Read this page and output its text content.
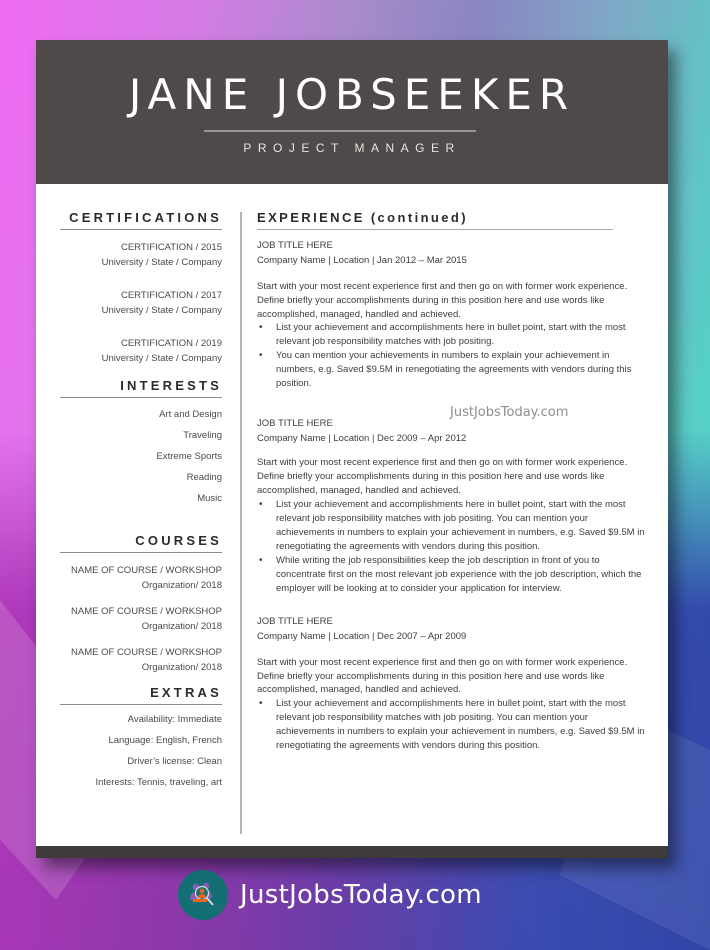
JANE JOBSEEKER
PROJECT MANAGER
CERTIFICATIONS
CERTIFICATION / 2015
University / State / Company
CERTIFICATION / 2017
University / State / Company
CERTIFICATION / 2019
University / State / Company
INTERESTS
Art and Design
Traveling
Extreme Sports
Reading
Music
COURSES
NAME OF COURSE / WORKSHOP
Organization/ 2018
NAME OF COURSE / WORKSHOP
Organization/ 2018
NAME OF COURSE / WORKSHOP
Organization/ 2018
EXTRAS
Availability: Immediate
Language: English, French
Driver’s license: Clean
Interests: Tennis, traveling, art
EXPERIENCE (continued)
JOB TITLE HERE
Company Name | Location | Jan 2012 – Mar 2015
Start with your most recent experience first and then go on with former work experience. Define briefly your accomplishments during in this position here and use words like accomplished, managed, handled and achieved.
• List your achievement and accomplishments here in bullet point, start with the most relevant job responsibility matches with job positing.
• You can mention your achievements in numbers to explain your achievement in numbers, e.g. Saved $9.5M in renegotiating the agreements with vendors during this position.
JOB TITLE HERE
Company Name | Location | Dec 2009 – Apr 2012
Start with your most recent experience first and then go on with former work experience. Define briefly your accomplishments during in this position here and use words like accomplished, managed, handled and achieved.
• List your achievement and accomplishments here in bullet point, start with the most relevant job responsibility matches with job positing. You can mention your achievements in numbers to explain your achievement in numbers, e.g. Saved $9.5M in renegotiating the agreements with vendors during this position.
• While writing the job responsibilities keep the job description in front of you to concentrate first on the most relevant job experience with the job description, which the employer will be looking at to consider your application for interview.
JOB TITLE HERE
Company Name | Location | Dec 2007 – Apr 2009
Start with your most recent experience first and then go on with former work experience. Define briefly your accomplishments during in this position here and use words like accomplished, managed, handled and achieved.
• List your achievement and accomplishments here in bullet point, start with the most relevant job responsibility matches with job positing. You can mention your achievements in numbers to explain your achievement in numbers, e.g. Saved $9.5M in renegotiating the agreements with vendors during this position.
JustJobsToday.com
JustJobsToday.com
